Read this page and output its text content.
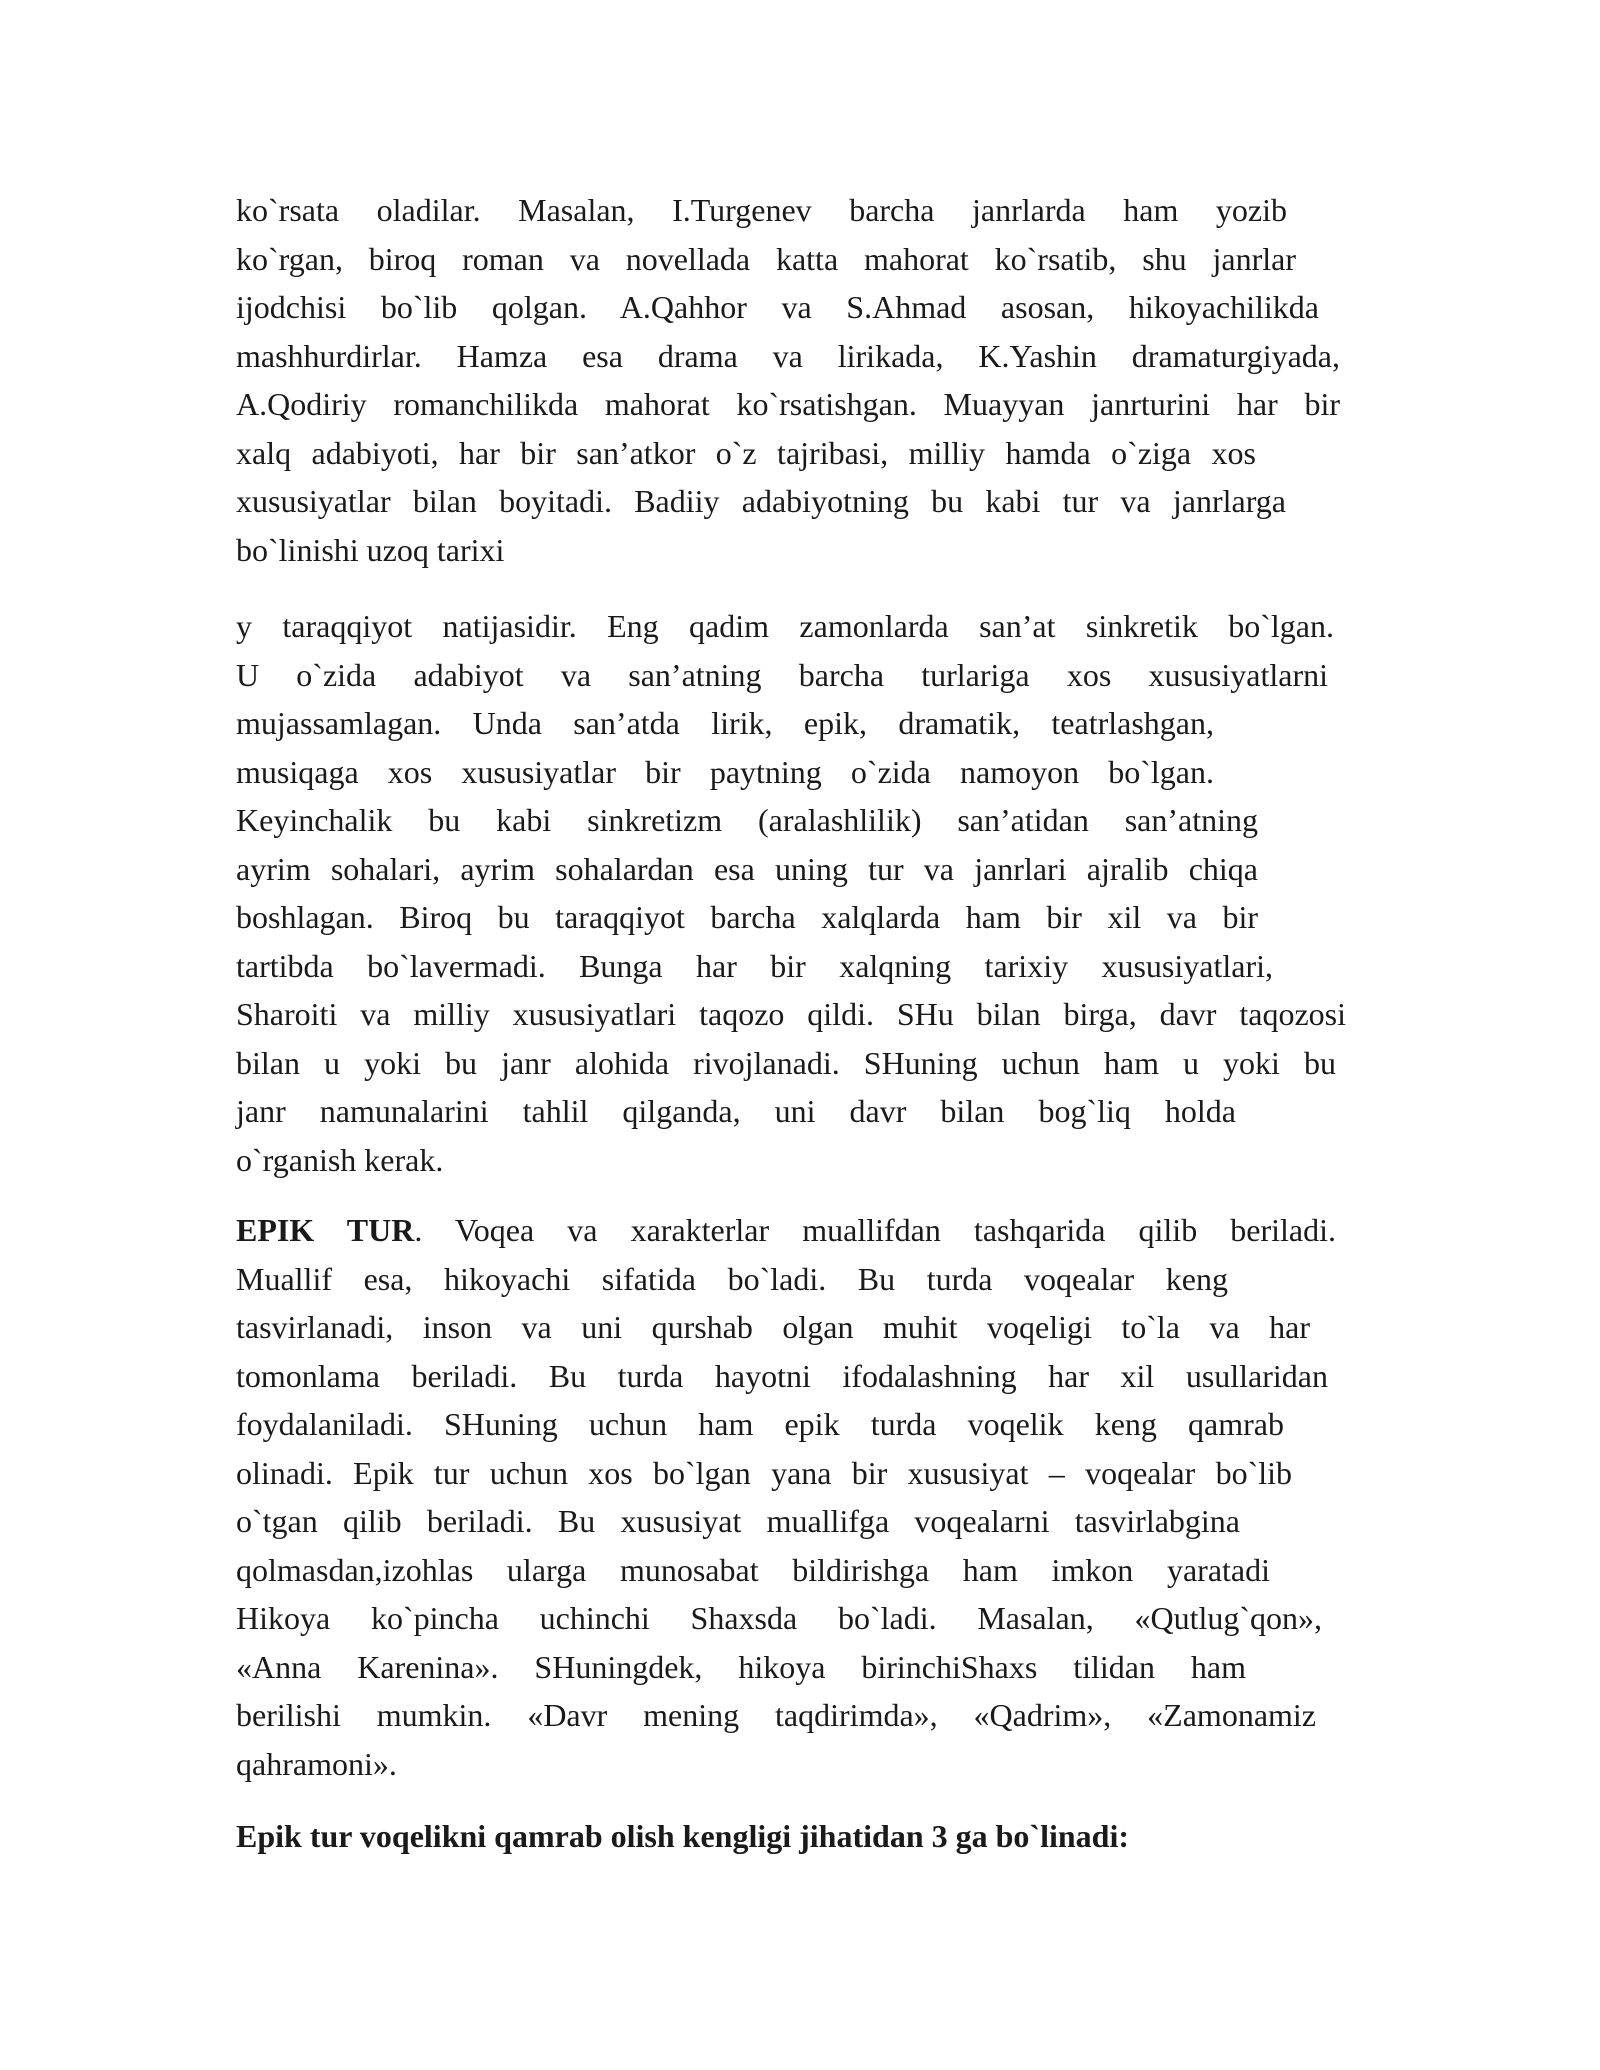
ko`rsata oladilar. Masalan, I.Turgenev barcha janrlarda ham yozib
ko`rgan, biroq roman va novellada katta mahorat ko`rsatib, shu janrlar
ijodchisi bo`lib qolgan. A.Qahhor va S.Ahmad asosan, hikoyachilikda
mashhurdirlar. Hamza esa drama va lirikada, K.Yashin dramaturgiyada,
A.Qodiriy romanchilikda mahorat ko`rsatishgan. Muayyan janrturini har bir
xalq adabiyoti, har bir san’atkor o`z tajribasi, milliy hamda o`ziga xos
xususiyatlar bilan boyitadi. Badiiy adabiyotning bu kabi tur va janrlarga
bo`linishi uzoq tarixi
y taraqqiyot natijasidir. Eng qadim zamonlarda san’at sinkretik bo`lgan.
U o`zida adabiyot va san’atning barcha turlariga xos xususiyatlarni
mujassamlagan. Unda san’atda lirik, epik, dramatik, teatrlashgan,
musiqaga xos xususiyatlar bir paytning o`zida namoyon bo`lgan.
Keyinchalik bu kabi sinkretizm (aralashlilik) san’atidan san’atning
ayrim sohalari, ayrim sohalardan esa uning tur va janrlari ajralib chiqa
boshlagan. Biroq bu taraqqiyot barcha xalqlarda ham bir xil va bir
tartibda bo`lavermadi. Bunga har bir xalqning tarixiy xususiyatlari,
Sharoiti va milliy xususiyatlari taqozo qildi. SHu bilan birga, davr taqozosi
bilan u yoki bu janr alohida rivojlanadi. SHuning uchun ham u yoki bu
janr namunalarini tahlil qilganda, uni davr bilan bog`liq holda
o`rganish kerak.
EPIK TUR. Voqea va xarakterlar muallifdan tashqarida qilib beriladi.
Muallif esa, hikoyachi sifatida bo`ladi. Bu turda voqealar keng
tasvirlanadi, inson va uni qurshab olgan muhit voqeligi to`la va har
tomonlama beriladi. Bu turda hayotni ifodalashning har xil usullaridan
foydalaniladi. SHuning uchun ham epik turda voqelik keng qamrab
olinadi. Epik tur uchun xos bo`lgan yana bir xususiyat – voqealar bo`lib
o`tgan qilib beriladi. Bu xususiyat muallifga voqealarni tasvirlabgina
qolmasdan,izohlas ularga munosabat bildirishga ham imkon yaratadi
Hikoya ko`pincha uchinchi Shaxsda bo`ladi. Masalan, «Qutlug`qon»,
«Anna Karenina». SHuningdek, hikoya birinchiShaxs tilidan ham
berilishi mumkin. «Davr mening taqdirimda», «Qadrim», «Zamonamiz
qahramoni».
Epik tur voqelikni qamrab olish kengligi jihatidan 3 ga bo`linadi:
